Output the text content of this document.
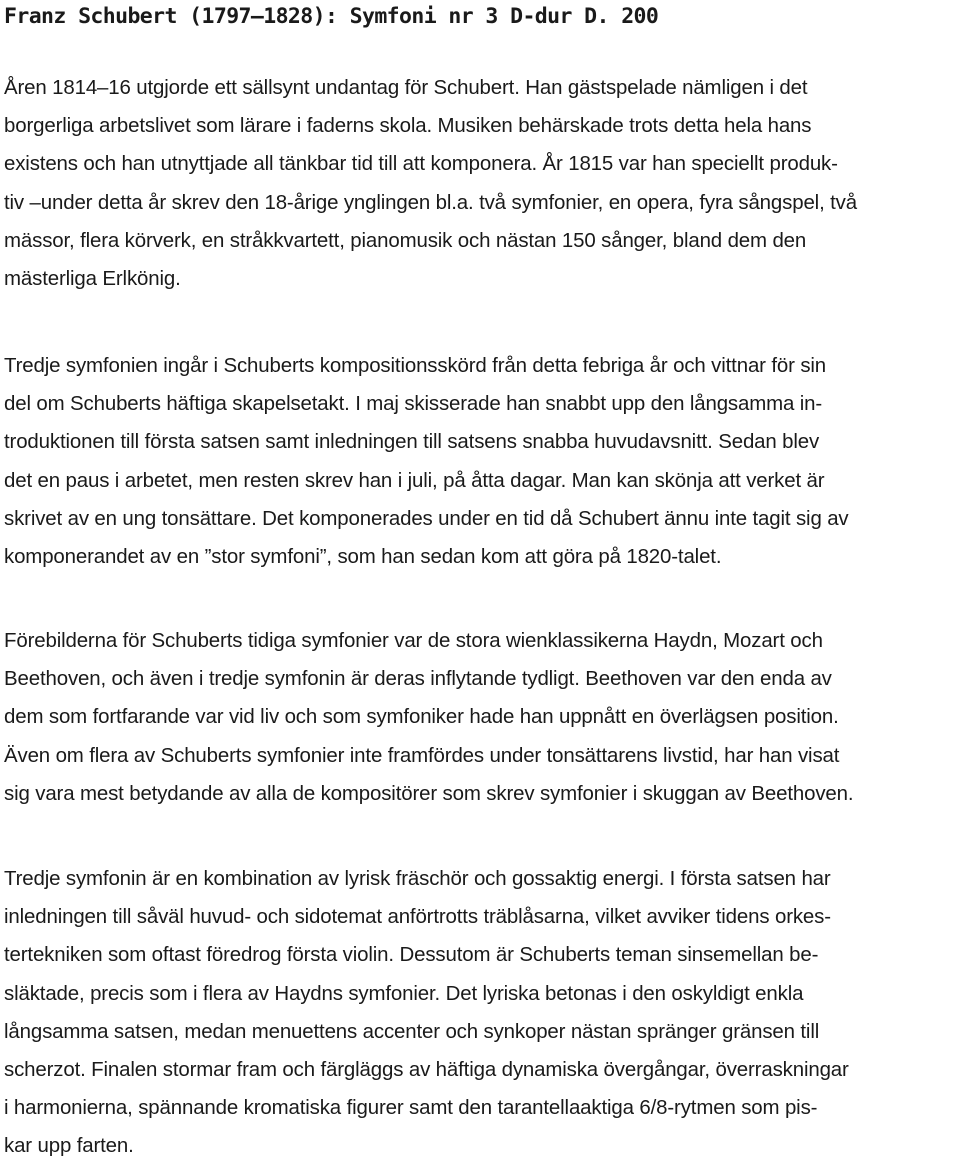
Franz Schubert (1797–1828): Symfoni nr 3 D-dur D. 200

Åren 1814–16 utgjorde ett sällsynt undantag för Schubert. Han gästspelade nämligen i det
borgerliga arbetslivet som lärare i faderns skola. Musiken behärskade trots detta hela hans
existens och han utnyttjade all tänkbar tid till att komponera. År 1815 var han speciellt produk-
tiv –under detta år skrev den 18-årige ynglingen bl.a. två symfonier, en opera, fyra sångspel, två
mässor, flera körverk, en stråkkvartett, pianomusik och nästan 150 sånger, bland dem den
mästerliga Erlkönig.

Tredje symfonien ingår i Schuberts kompositionsskörd från detta febriga år och vittnar för sin
del om Schuberts häftiga skapelsetakt. I maj skisserade han snabbt upp den långsamma in-
troduktionen till första satsen samt inledningen till satsens snabba huvudavsnitt. Sedan blev
det en paus i arbetet, men resten skrev han i juli, på åtta dagar. Man kan skönja att verket är
skrivet av en ung tonsättare. Det komponerades under en tid då Schubert ännu inte tagit sig av
komponerandet av en ”stor symfoni”, som han sedan kom att göra på 1820-talet.

Förebilderna för Schuberts tidiga symfonier var de stora wienklassikerna Haydn, Mozart och
Beethoven, och även i tredje symfonin är deras inflytande tydligt. Beethoven var den enda av
dem som fortfarande var vid liv och som symfoniker hade han uppnått en överlägsen position.
Även om flera av Schuberts symfonier inte framfördes under tonsättarens livstid, har han visat
sig vara mest betydande av alla de kompositörer som skrev symfonier i skuggan av Beethoven.

Tredje symfonin är en kombination av lyrisk fräschör och gossaktig energi. I första satsen har
inledningen till såväl huvud- och sidotemat anförtrotts träblåsarna, vilket avviker tidens orkes-
tertekniken som oftast föredrog första violin. Dessutom är Schuberts teman sinsemellan be-
släktade, precis som i flera av Haydns symfonier. Det lyriska betonas i den oskyldigt enkla
långsamma satsen, medan menuettens accenter och synkoper nästan spränger gränsen till
scherzot. Finalen stormar fram och färgläggs av häftiga dynamiska övergångar, överraskningar
i harmonierna, spännande kromatiska figurer samt den tarantellaaktiga 6/8-rytmen som pis-
kar upp farten.
